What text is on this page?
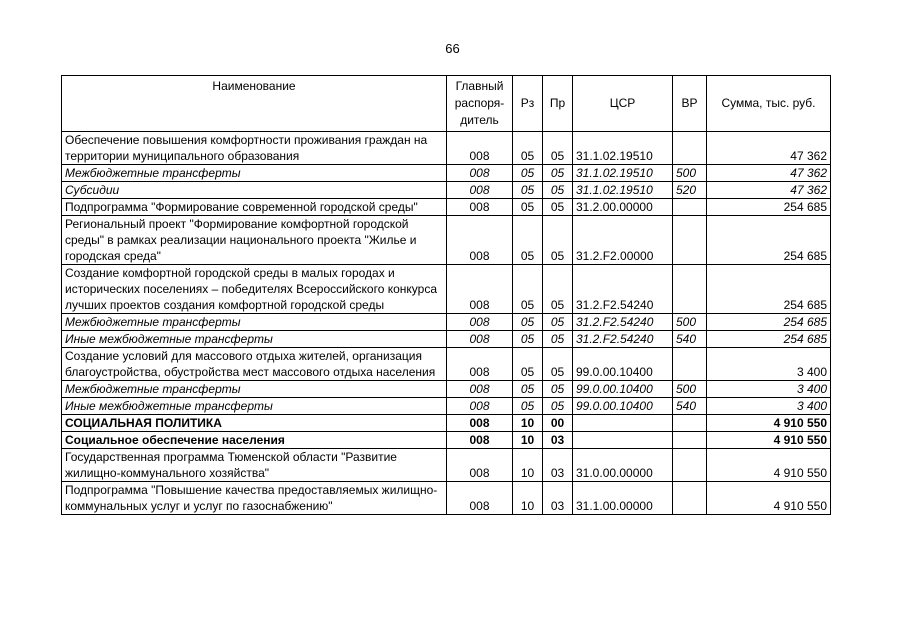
66
Наименование	Главный распоря-дитель	Рз	Пр	ЦСР	ВР	Сумма, тыс. руб.
Обеспечение повышения комфортности проживания граждан на территории муниципального образования	008	05	05	31.1.02.19510		47 362
Межбюджетные трансферты	008	05	05	31.1.02.19510	500	47 362
Субсидии	008	05	05	31.1.02.19510	520	47 362
Подпрограмма "Формирование современной городской среды"	008	05	05	31.2.00.00000		254 685
Региональный проект "Формирование комфортной городской среды" в рамках реализации национального проекта "Жилье и городская среда"	008	05	05	31.2.F2.00000		254 685
Создание комфортной городской среды в малых городах и исторических поселениях – победителях Всероссийского конкурса лучших проектов создания комфортной городской среды	008	05	05	31.2.F2.54240		254 685
Межбюджетные трансферты	008	05	05	31.2.F2.54240	500	254 685
Иные межбюджетные трансферты	008	05	05	31.2.F2.54240	540	254 685
Создание условий для массового отдыха жителей, организация благоустройства, обустройства мест массового отдыха населения	008	05	05	99.0.00.10400		3 400
Межбюджетные трансферты	008	05	05	99.0.00.10400	500	3 400
Иные межбюджетные трансферты	008	05	05	99.0.00.10400	540	3 400
СОЦИАЛЬНАЯ ПОЛИТИКА	008	10	00			4 910 550
Социальное обеспечение населения	008	10	03			4 910 550
Государственная программа Тюменской области "Развитие жилищно-коммунального хозяйства"	008	10	03	31.0.00.00000		4 910 550
Подпрограмма "Повышение качества предоставляемых жилищно-коммунальных услуг и услуг по газоснабжению"	008	10	03	31.1.00.00000		4 910 550
